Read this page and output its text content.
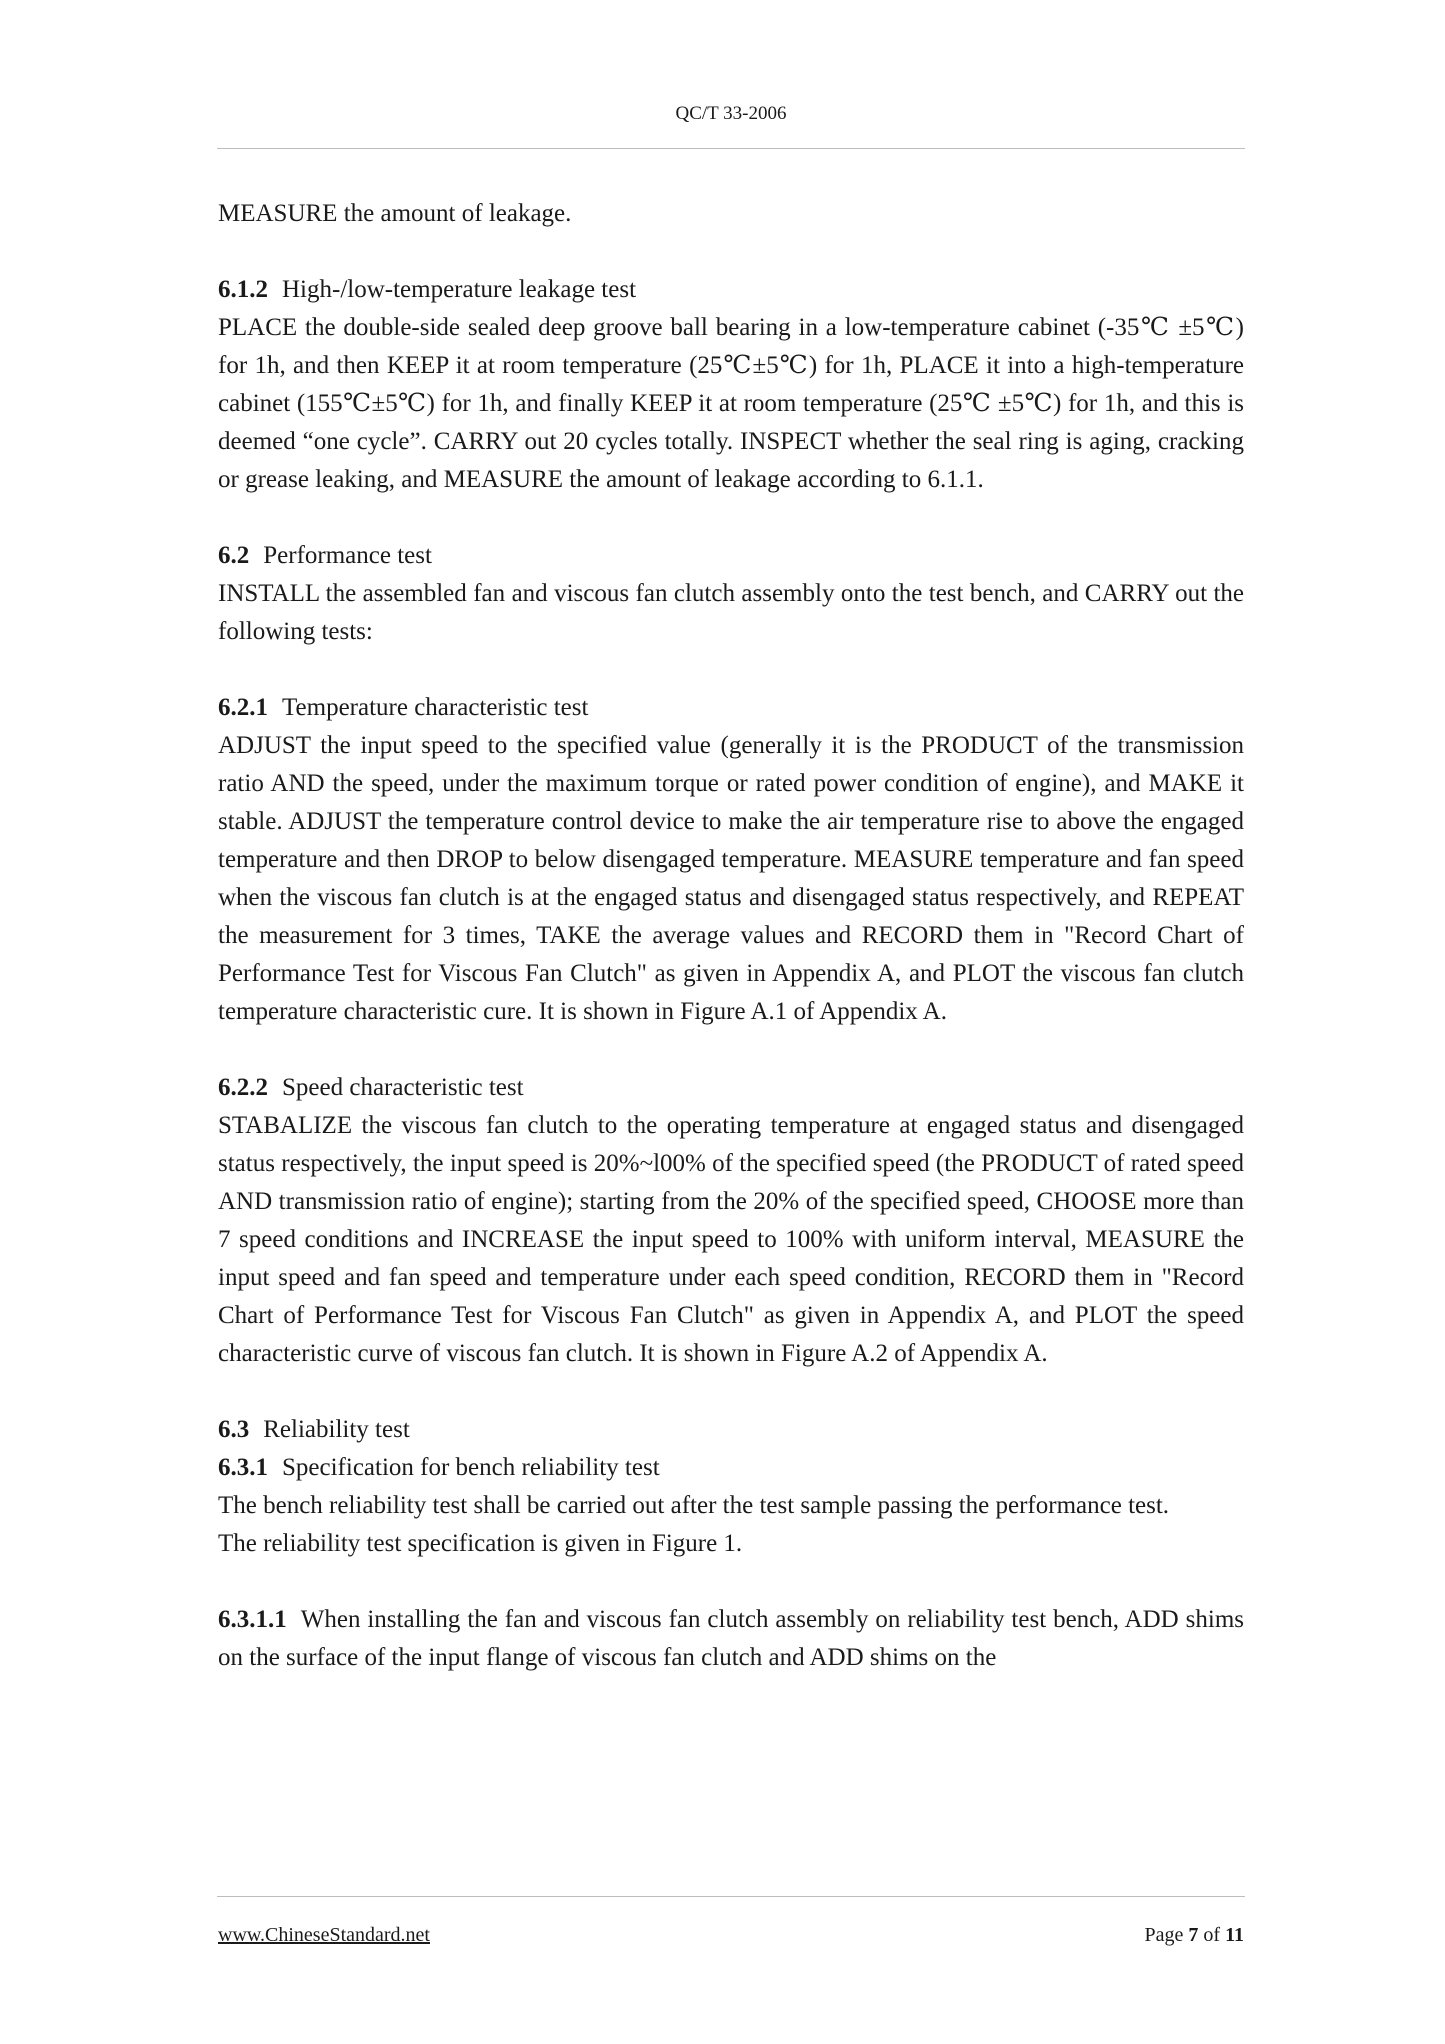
QC/T 33-2006

MEASURE the amount of leakage.

6.1.2 High-/low-temperature leakage test

PLACE the double-side sealed deep groove ball bearing in a low-temperature cabinet (-35℃ ±5℃) for 1h, and then KEEP it at room temperature (25℃±5℃) for 1h, PLACE it into a high-temperature cabinet (155℃±5℃) for 1h, and finally KEEP it at room temperature (25℃ ±5℃) for 1h, and this is deemed “one cycle”. CARRY out 20 cycles totally. INSPECT whether the seal ring is aging, cracking or grease leaking, and MEASURE the amount of leakage according to 6.1.1.

6.2 Performance test

INSTALL the assembled fan and viscous fan clutch assembly onto the test bench, and CARRY out the following tests:

6.2.1 Temperature characteristic test

ADJUST the input speed to the specified value (generally it is the PRODUCT of the transmission ratio AND the speed, under the maximum torque or rated power condition of engine), and MAKE it stable. ADJUST the temperature control device to make the air temperature rise to above the engaged temperature and then DROP to below disengaged temperature. MEASURE temperature and fan speed when the viscous fan clutch is at the engaged status and disengaged status respectively, and REPEAT the measurement for 3 times, TAKE the average values and RECORD them in "Record Chart of Performance Test for Viscous Fan Clutch" as given in Appendix A, and PLOT the viscous fan clutch temperature characteristic cure. It is shown in Figure A.1 of Appendix A.

6.2.2 Speed characteristic test

STABALIZE the viscous fan clutch to the operating temperature at engaged status and disengaged status respectively, the input speed is 20%~l00% of the specified speed (the PRODUCT of rated speed AND transmission ratio of engine); starting from the 20% of the specified speed, CHOOSE more than 7 speed conditions and INCREASE the input speed to 100% with uniform interval, MEASURE the input speed and fan speed and temperature under each speed condition, RECORD them in "Record Chart of Performance Test for Viscous Fan Clutch" as given in Appendix A, and PLOT the speed characteristic curve of viscous fan clutch. It is shown in Figure A.2 of Appendix A.

6.3 Reliability test

6.3.1 Specification for bench reliability test

The bench reliability test shall be carried out after the test sample passing the performance test.

The reliability test specification is given in Figure 1.

6.3.1.1 When installing the fan and viscous fan clutch assembly on reliability test bench, ADD shims on the surface of the input flange of viscous fan clutch and ADD shims on the

www.ChineseStandard.net	Page 7 of 11
